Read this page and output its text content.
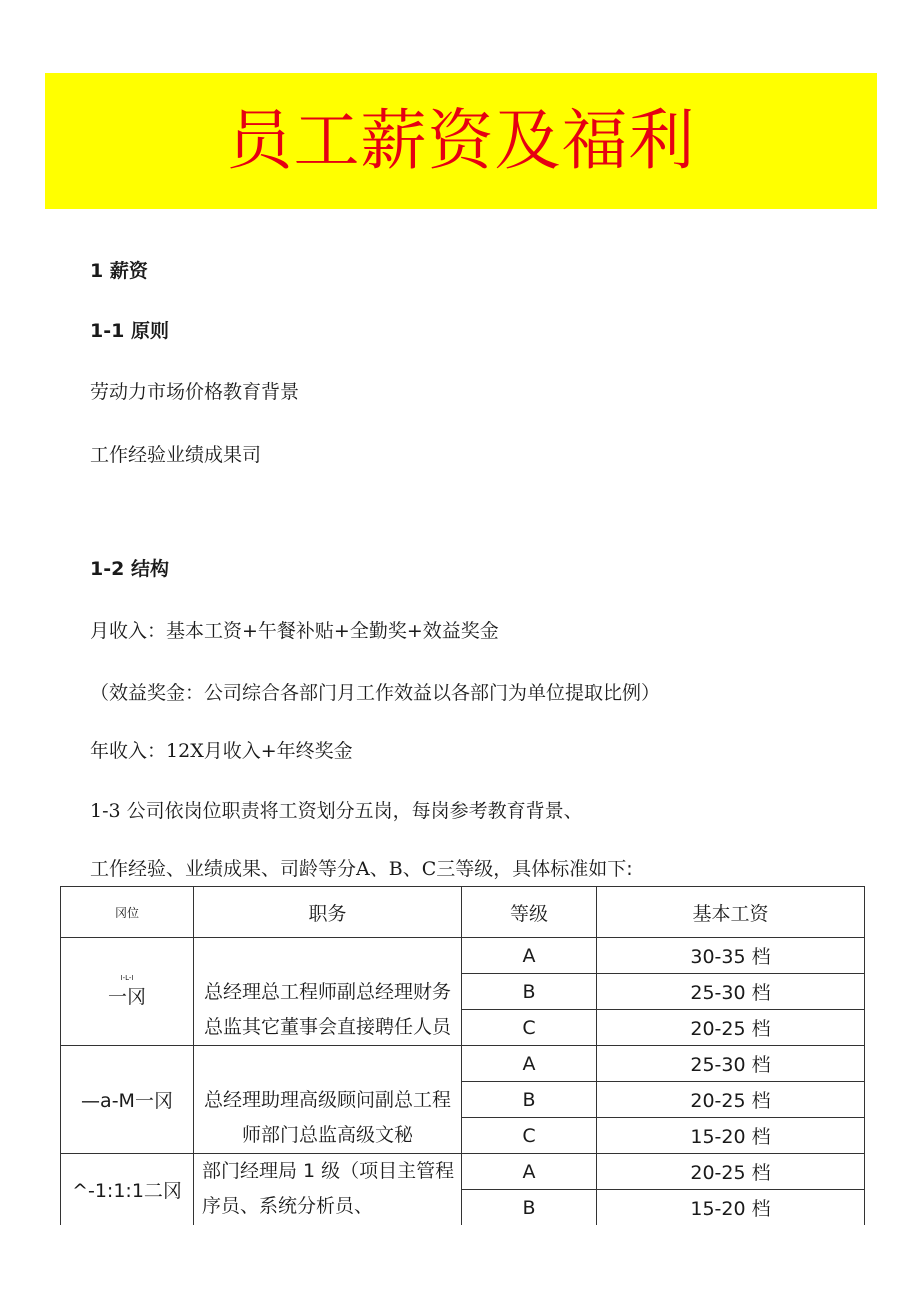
员工薪资及福利
1 薪资
1-1 原则
劳动力市场价格教育背景
工作经验业绩成果司
1-2 结构
月收入：基本工资+午餐补贴+全勤奖+效益奖金
（效益奖金：公司综合各部门月工作效益以各部门为单位提取比例）
年收入：12X月收入+年终奖金
1-3 公司依岗位职责将工资划分五岗，每岗参考教育背景、
工作经验、业绩成果、司龄等分A、B、C三等级，具体标准如下:
冈位	职务	等级	基本工资

I-L-I
一冈	总经理总工程师副总经理财务总监其它董事会直接聘任人员	A	30-35 档
		B	25-30 档
		C	20-25 档
—a-M一冈	总经理助理高级顾问副总工程师部门总监高级文秘	A	25-30 档
		B	20-25 档
		C	15-20 档
^-1:1:1二冈	部门经理局 1 级（项目主管程序员、系统分析员、	A	20-25 档
		B	15-20 档
